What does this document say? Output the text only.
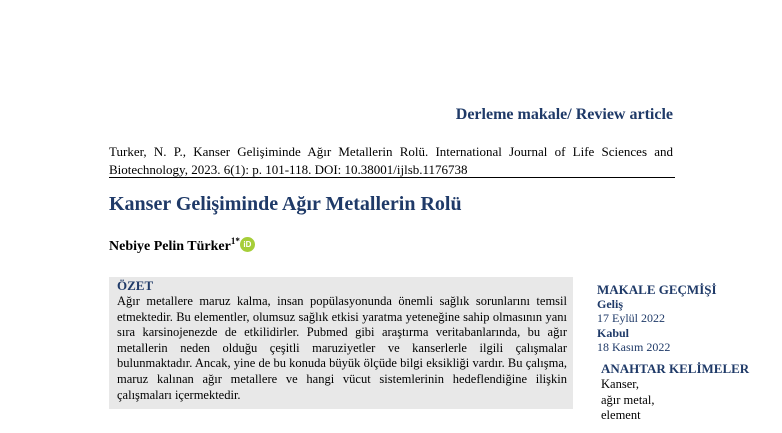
Derleme makale/ Review article
Turker, N. P., Kanser Gelişiminde Ağır Metallerin Rolü. International Journal of Life Sciences and Biotechnology, 2023. 6(1): p. 101-118. DOI: 10.38001/ijlsb.1176738
Kanser Gelişiminde Ağır Metallerin Rolü
Nebiye Pelin Türker$^{1*}$ iD
ÖZET
Ağır metallere maruz kalma, insan popülasyonunda önemli sağlık sorunlarını temsil etmektedir. Bu elementler, olumsuz sağlık etkisi yaratma yeteneğine sahip olmasının yanı sıra karsinojenezde de etkilidirler. Pubmed gibi araştırma veritabanlarında, bu ağır metallerin neden olduğu çeşitli maruziyetler ve kanserlerle ilgili çalışmalar bulunmaktadır. Ancak, yine de bu konuda büyük ölçüde bilgi eksikliği vardır. Bu çalışma, maruz kalınan ağır metallere ve hangi vücut sistemlerinin hedeflendiğine ilişkin çalışmaları içermektedir.
MAKALE GEÇMİŞİ
Geliş
17 Eylül 2022
Kabul
18 Kasım 2022
ANAHTAR KELİMELER
Kanser,
ağır metal,
element
